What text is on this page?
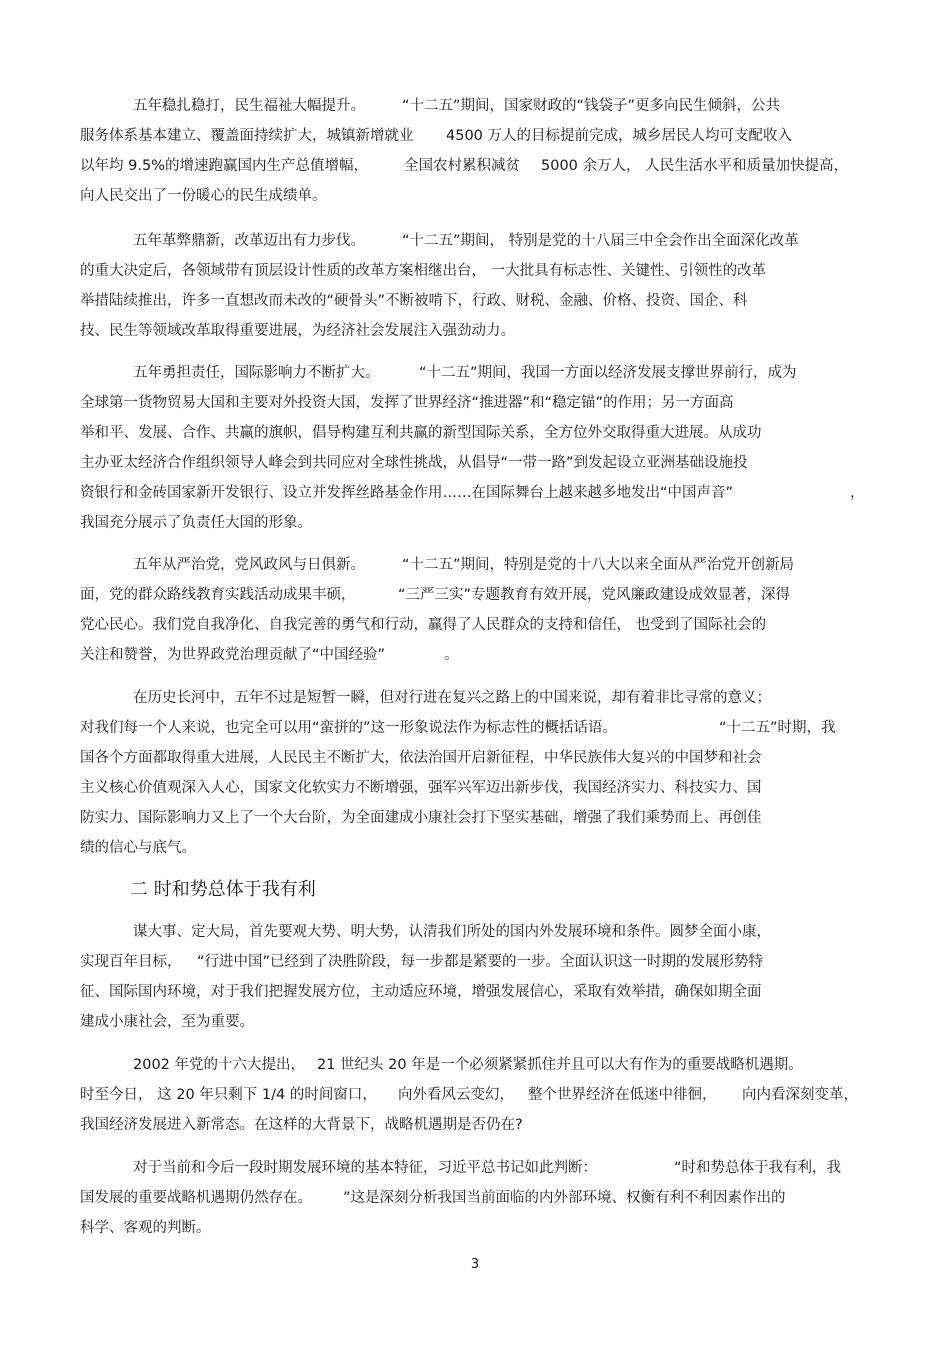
五年稳扎稳打，民生福祉大幅提升。	“十二五”期间，国家财政的“钱袋子”更多向民生倾斜，公共
服务体系基本建立、覆盖面持续扩大，城镇新增就业 4500 万人的目标提前完成，城乡居民人均可支配收入
以年均 9.5%的增速跑赢国内生产总值增幅， 全国农村累积减贫 5000 余万人， 人民生活水平和质量加快提高，
向人民交出了一份暖心的民生成绩单。
五年革弊鼎新，改革迈出有力步伐。	“十二五”期间， 特别是党的十八届三中全会作出全面深化改革
的重大决定后，各领域带有顶层设计性质的改革方案相继出台， 一大批具有标志性、关键性、引领性的改革
举措陆续推出，许多一直想改而未改的“硬骨头”不断被啃下，行政、财税、金融、价格、投资、国企、科
技、民生等领域改革取得重要进展，为经济社会发展注入强劲动力。
五年勇担责任，国际影响力不断扩大。	“十二五”期间，我国一方面以经济发展支撑世界前行，成为
全球第一货物贸易大国和主要对外投资大国，发挥了世界经济“推进器”和“稳定锚”的作用；另一方面高
举和平、发展、合作、共赢的旗帜，倡导构建互利共赢的新型国际关系，全方位外交取得重大进展。从成功
主办亚太经济合作组织领导人峰会到共同应对全球性挑战，从倡导“一带一路”到发起设立亚洲基础设施投
资银行和金砖国家新开发银行、设立并发挥丝路基金作用……在国际舞台上越来越多地发出“中国声音”	，
我国充分展示了负责任大国的形象。
五年从严治党，党风政风与日俱新。	“十二五”期间，特别是党的十八大以来全面从严治党开创新局
面，党的群众路线教育实践活动成果丰硕，	“三严三实”专题教育有效开展，党风廉政建设成效显著，深得
党心民心。我们党自我净化、自我完善的勇气和行动，赢得了人民群众的支持和信任， 也受到了国际社会的
关注和赞誉，为世界政党治理贡献了“中国经验”	。
在历史长河中，五年不过是短暂一瞬，但对行进在复兴之路上的中国来说，却有着非比寻常的意义；
对我们每一个人来说，也完全可以用“蛮拼的”这一形象说法作为标志性的概括话语。	“十二五”时期，我
国各个方面都取得重大进展，人民民主不断扩大，依法治国开启新征程，中华民族伟大复兴的中国梦和社会
主义核心价值观深入人心，国家文化软实力不断增强，强军兴军迈出新步伐，我国经济实力、科技实力、国
防实力、国际影响力又上了一个大台阶，为全面建成小康社会打下坚实基础，增强了我们乘势而上、再创佳
绩的信心与底气。
二 时和势总体于我有利
谋大事、定大局，首先要观大势、明大势，认清我们所处的国内外发展环境和条件。圆梦全面小康，
实现百年目标， “行进中国”已经到了决胜阶段，每一步都是紧要的一步。全面认识这一时期的发展形势特
征、国际国内环境，对于我们把握发展方位，主动适应环境，增强发展信心，采取有效举措，确保如期全面
建成小康社会，至为重要。
2002 年党的十六大提出， 21 世纪头 20 年是一个必须紧紧抓住并且可以大有作为的重要战略机遇期。
时至今日， 这 20 年只剩下 1/4 的时间窗口， 向外看风云变幻， 整个世界经济在低迷中徘徊， 向内看深刻变革，
我国经济发展进入新常态。在这样的大背景下，战略机遇期是否仍在?
对于当前和今后一段时期发展环境的基本特征，习近平总书记如此判断：	“时和势总体于我有利，我
国发展的重要战略机遇期仍然存在。 ”这是深刻分析我国当前面临的内外部环境、权衡有利不利因素作出的
科学、客观的判断。
3
